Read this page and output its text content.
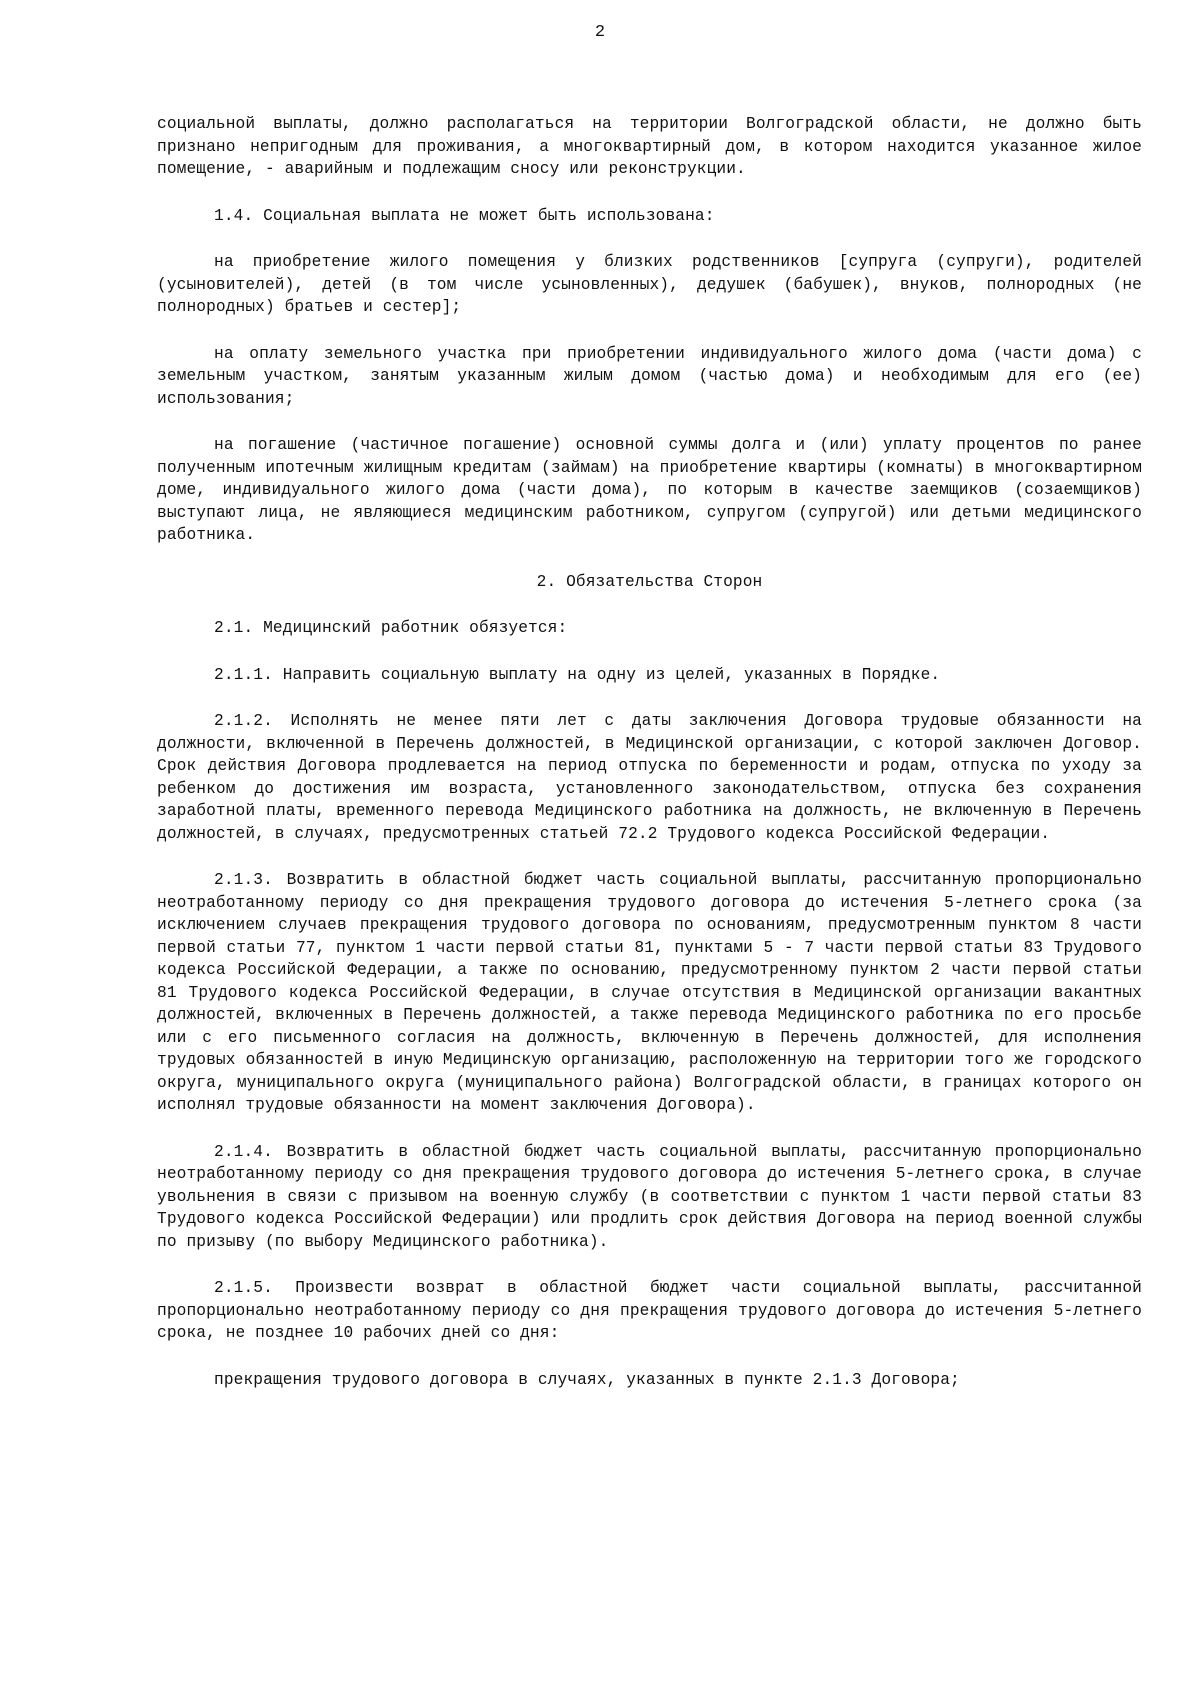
2

социальной выплаты, должно располагаться на территории Волгоградской области, не должно быть признано непригодным для проживания, а многоквартирный дом, в котором находится указанное жилое помещение, - аварийным и подлежащим сносу или реконструкции.

1.4. Социальная выплата не может быть использована:

на приобретение жилого помещения у близких родственников [супруга (супруги), родителей (усыновителей), детей (в том числе усыновленных), дедушек (бабушек), внуков, полнородных (не полнородных) братьев и сестер];

на оплату земельного участка при приобретении индивидуального жилого дома (части дома) с земельным участком, занятым указанным жилым домом (частью дома) и необходимым для его (ее) использования;

на погашение (частичное погашение) основной суммы долга и (или) уплату процентов по ранее полученным ипотечным жилищным кредитам (займам) на приобретение квартиры (комнаты) в многоквартирном доме, индивидуального жилого дома (части дома), по которым в качестве заемщиков (созаемщиков) выступают лица, не являющиеся медицинским работником, супругом (супругой) или детьми медицинского работника.

2. Обязательства Сторон

2.1. Медицинский работник обязуется:

2.1.1. Направить социальную выплату на одну из целей, указанных в Порядке.

2.1.2. Исполнять не менее пяти лет с даты заключения Договора трудовые обязанности на должности, включенной в Перечень должностей, в Медицинской организации, с которой заключен Договор. Срок действия Договора продлевается на период отпуска по беременности и родам, отпуска по уходу за ребенком до достижения им возраста, установленного законодательством, отпуска без сохранения заработной платы, временного перевода Медицинского работника на должность, не включенную в Перечень должностей, в случаях, предусмотренных статьей 72.2 Трудового кодекса Российской Федерации.

2.1.3. Возвратить в областной бюджет часть социальной выплаты, рассчитанную пропорционально неотработанному периоду со дня прекращения трудового договора до истечения 5-летнего срока (за исключением случаев прекращения трудового договора по основаниям, предусмотренным пунктом 8 части первой статьи 77, пунктом 1 части первой статьи 81, пунктами 5 - 7 части первой статьи 83 Трудового кодекса Российской Федерации, а также по основанию, предусмотренному пунктом 2 части первой статьи 81 Трудового кодекса Российской Федерации, в случае отсутствия в Медицинской организации вакантных должностей, включенных в Перечень должностей, а также перевода Медицинского работника по его просьбе или с его письменного согласия на должность, включенную в Перечень должностей, для исполнения трудовых обязанностей в иную Медицинскую организацию, расположенную на территории того же городского округа, муниципального округа (муниципального района) Волгоградской области, в границах которого он исполнял трудовые обязанности на момент заключения Договора).

2.1.4. Возвратить в областной бюджет часть социальной выплаты, рассчитанную пропорционально неотработанному периоду со дня прекращения трудового договора до истечения 5-летнего срока, в случае увольнения в связи с призывом на военную службу (в соответствии с пунктом 1 части первой статьи 83 Трудового кодекса Российской Федерации) или продлить срок действия Договора на период военной службы по призыву (по выбору Медицинского работника).

2.1.5. Произвести возврат в областной бюджет части социальной выплаты, рассчитанной пропорционально неотработанному периоду со дня прекращения трудового договора до истечения 5-летнего срока, не позднее 10 рабочих дней со дня:

прекращения трудового договора в случаях, указанных в пункте 2.1.3 Договора;
